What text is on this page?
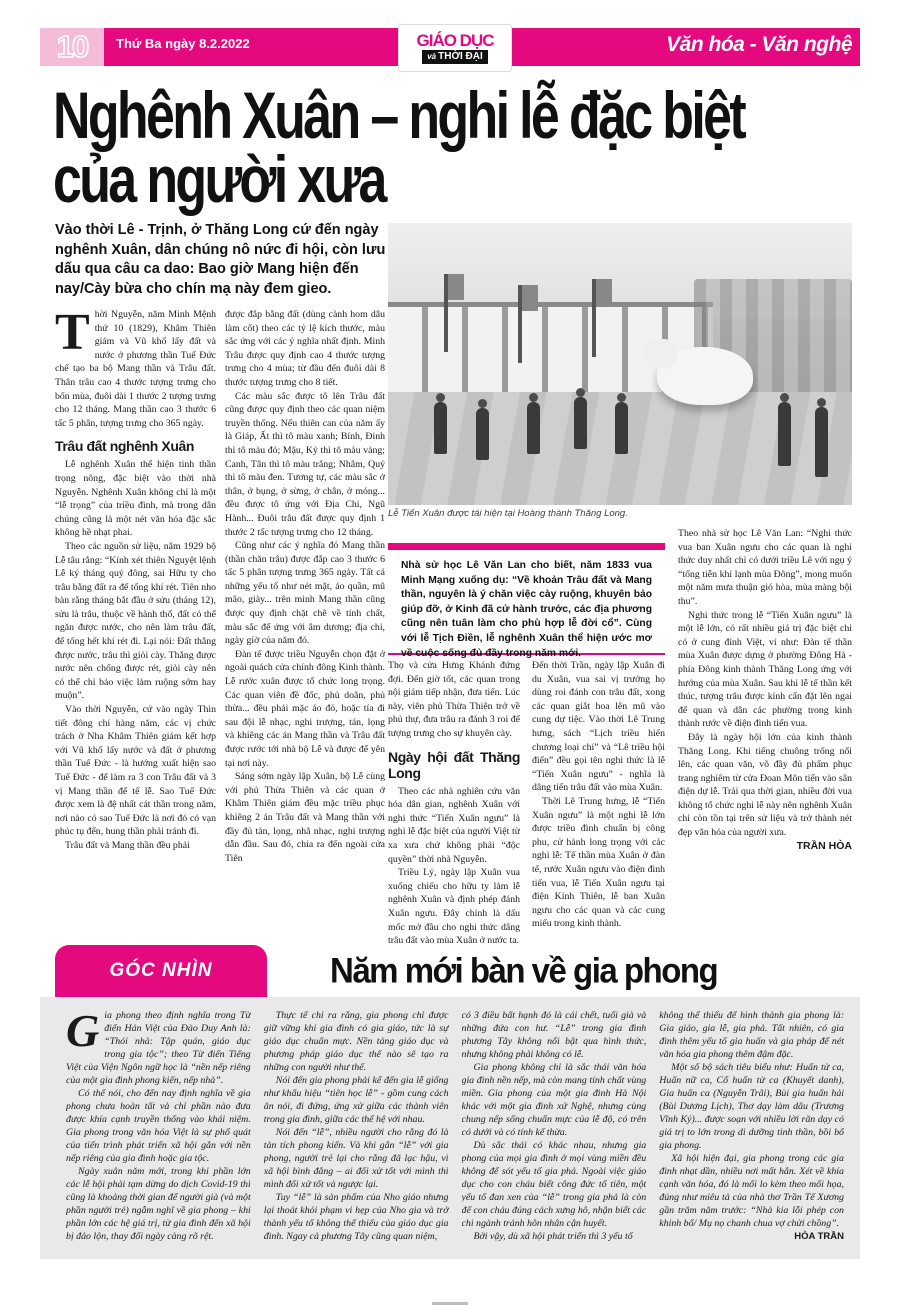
10 Thứ Ba ngày 8.2.2022	GIÁO DỤC
và THỜI ĐẠI
Văn hóa - Văn nghệ
Nghênh Xuân – nghi lễ đặc biệt
của người xưa
Vào thời Lê - Trịnh, ở Thăng Long cứ đến ngày nghênh Xuân, dân chúng nô nức đi hội, còn lưu dấu qua câu ca dao: Bao giờ Mang hiện đến nay/Cày bừa cho chín mạ này đem gieo.
Lễ Tiến Xuân được tái hiện tại Hoàng thành Thăng Long.
Nhà sử học Lê Văn Lan cho biết, năm 1833 vua Minh Mạng xuống dụ: “Về khoản Trâu đất và Mang thần, nguyên là ý chăn việc cày ruộng, khuyên bảo giúp đỡ, ở Kinh đã cử hành trước, các địa phương cũng nên tuân làm cho phù hợp lễ đời cổ”. Cùng với lễ Tịch Điền, lễ nghênh Xuân thể hiện ước mơ về cuộc sống đủ đầy trong năm mới.
T hời Nguyễn, năm Minh Mệnh thứ 10 (1829), Khâm Thiên giám và Vũ khố lấy đất và nước ở phương thần Tuế Đức chế tạo ba bộ Mang thần và Trâu đất. Thân trâu cao 4 thước tượng trưng cho bốn mùa, đuôi dài 1 thước 2 tượng trưng cho 12 tháng. Mang thần cao 3 thước 6 tấc 5 phân, tượng trưng cho 365 ngày.

Trâu đất nghênh Xuân

Lễ nghênh Xuân thể hiện tinh thần trọng nông, đặc biệt vào thời nhà Nguyễn. Nghênh Xuân không chỉ là một “lễ trọng” của triều đình, mà trong dân chúng cũng là một nét văn hóa đặc sắc không hề nhạt phai.

Theo các nguồn sử liệu, năm 1929 bộ Lễ tâu rằng: “Kính xét thiên Nguyệt lệnh Lễ ký tháng quý đông, sai Hữu ty cho trâu bằng đất ra để tống khí rét. Tiên nho bàn rằng tháng bắt đầu ở sửu (tháng 12), sửu là trâu, thuộc về hành thổ, đất có thể ngăn được nước, cho nên làm trâu đất, để tống hết khí rét đi. Lại nói: Đất thắng được nước, trâu thì giỏi cày. Thắng được nước nên chống được rét, giỏi cày nên có thể chỉ bảo việc làm ruộng sớm hay muộn”.

Vào thời Nguyễn, cứ vào ngày Thìn tiết đông chí hàng năm, các vị chức trách ở Nha Khâm Thiên giám kết hợp với Vũ khố lấy nước và đất ở phương thần Tuế Đức - là hướng xuất hiện sao Tuế Đức - để làm ra 3 con Trâu đất và 3 vị Mang thần để tế lễ. Sao Tuế Đức được xem là đệ nhất cát thần trong năm, nơi nào có sao Tuế Đức là nơi đó có vạn phúc tụ đến, hung thần phải tránh đi.

Trâu đất và Mang thần đều phải

được đắp bằng đất (dùng cành hom dâu làm cốt) theo các tỷ lệ kích thước, màu sắc ứng với các ý nghĩa nhất định. Mình Trâu được quy định cao 4 thước tượng trưng cho 4 mùa; từ đầu đến đuôi dài 8 thước tượng trưng cho 8 tiết.

Các màu sắc được tô lên Trâu đất cũng được quy định theo các quan niệm truyền thống. Nếu thiên can của năm ấy là Giáp, Ất thì tô màu xanh; Bính, Đinh thì tô màu đỏ; Mậu, Kỷ thì tô màu vàng; Canh, Tân thì tô màu trắng; Nhâm, Quý thì tô màu đen. Tương tự, các màu sắc ở thân, ở bụng, ở sừng, ở chân, ở móng... đều được tô ứng với Địa Chi, Ngũ Hành... Đuôi trâu đất được quy định 1 thước 2 tấc tượng trưng cho 12 tháng.

Cũng như các ý nghĩa đó Mang thần (thần chăn trâu) được đắp cao 3 thước 6 tấc 5 phân tượng trưng 365 ngày. Tất cả những yếu tố như nét mặt, áo quần, mũ mão, giày... trên mình Mang thần cũng được quy định chặt chẽ về tính chất, màu sắc để ứng với âm dương; địa chi, ngày giờ của năm đó.

Đàn tế được triều Nguyễn chọn đặt ở ngoài quách cửa chính đông Kinh thành. Lễ rước xuân được tổ chức long trọng. Các quan viên đề đốc, phủ doãn, phủ thừa... đều phải mặc áo đỏ, hoặc tía đi sau đội lễ nhạc, nghi trượng, tán, lọng và khiêng các án Mang thần và Trâu đất được rước tới nhà bộ Lễ và được để yên tại nơi này.

Sáng sớm ngày lập Xuân, bộ Lễ cùng với phủ Thừa Thiên và các quan ở Khâm Thiên giám đều mặc triều phục khiêng 2 án Trâu đất và Mang thần với đầy đủ tàn, lọng, nhã nhạc, nghi trượng dẫn đầu. Sau đó, chia ra đến ngoài cửa Tiên

Thọ và cửa Hưng Khánh đứng đợi. Đến giờ tốt, các quan trong nội giám tiếp nhận, đưa tiến. Lúc này, viên phủ Thừa Thiên trở về phủ thự, đưa trâu ra đánh 3 roi để tượng trưng cho sự khuyên cày.

Ngày hội đất Thăng Long

Theo các nhà nghiên cứu văn hóa dân gian, nghênh Xuân với nghi thức “Tiến Xuân ngưu” là nghi lễ đặc biệt của người Việt từ xa xưa chứ không phải “độc quyền” thời nhà Nguyễn.

Triều Lý, ngày lập Xuân vua xuống chiếu cho hữu ty làm lễ nghênh Xuân và định phép đánh Xuân ngưu. Đây chính là dấu mốc mở đầu cho nghi thức dâng trâu đất vào mùa Xuân ở nước ta.

Đến thời Trần, ngày lập Xuân đi du Xuân, vua sai vị trưởng họ dùng roi đánh con trâu đất, xong các quan giắt hoa lên mũ vào cung dự tiệc. Vào thời Lê Trung hưng, sách “Lịch triều hiến chương loại chí” và “Lê triều hội điển” đều gọi tên nghi thức là lễ “Tiến Xuân ngưu” - nghĩa là dâng tiến trâu đất vào mùa Xuân.

Thời Lê Trung hưng, lễ “Tiến Xuân ngưu” là một nghi lễ lớn được triều đình chuẩn bị công phu, cử hành long trọng với các nghi lễ: Tế thần mùa Xuân ở đàn tế, rước Xuân ngưu vào điện đình tiến vua, lễ Tiến Xuân ngưu tại điện Kính Thiên, lễ ban Xuân ngưu cho các quan và các cung miếu trong kinh thành.

Theo nhà sử học Lê Văn Lan: “Nghi thức vua ban Xuân ngưu cho các quan là nghi thức duy nhất chỉ có dưới triều Lê với ngụ ý “tống tiễn khí lạnh mùa Đông”, mong muốn một năm mưa thuận gió hòa, mùa màng bội thu”.

Nghi thức trong lễ “Tiến Xuân ngưu” là một lễ lớn, có rất nhiều giá trị đặc biệt chỉ có ở cung đình Việt, ví như: Đàn tế thần mùa Xuân được dựng ở phường Đông Hà - phía Đông kinh thành Thăng Long ứng với hướng của mùa Xuân. Sau khi lễ tế thần kết thúc, tượng trâu được kính cẩn đặt lên ngai để quan và dân các phường trong kinh thành rước về điện đình tiến vua.

Đây là ngày hội lớn của kinh thành Thăng Long. Khi tiếng chuông trống nổi lên, các quan văn, võ đầy đủ phẩm phục trang nghiêm từ cửa Đoan Môn tiến vào sân điện dự lễ. Trải qua thời gian, nhiều đời vua không tổ chức nghi lễ này nên nghênh Xuân chỉ còn tồn tại trên sử liệu và trở thành nét đẹp văn hóa của người xưa.

TRẦN HÒA

GÓC NHÌN	Năm mới bàn về gia phong
G ia phong theo định nghĩa trong Từ điển Hán Việt của Đào Duy Anh là: “Thói nhà: Tập quán, giáo dục trong gia tộc”; theo Từ điển Tiếng Việt của Viện Ngôn ngữ học là “nền nếp riêng của một gia đình phong kiến, nếp nhà”.

Có thể nói, cho đến nay định nghĩa về gia phong chưa hoàn tất và chỉ phần nào đưa được khía cạnh truyền thống vào khái niệm. Gia phong trong văn hóa Việt là sự phổ quát của tiến trình phát triển xã hội gắn với nền nếp riêng của gia đình hoặc gia tộc.

Ngày xuân năm mới, trong khi phần lớn các lễ hội phải tạm dừng do dịch Covid-19 thì cũng là khoảng thời gian để người già (và một phần người trẻ) ngẫm nghĩ về gia phong – khi phần lớn các hệ giá trị, từ gia đình đến xã hội bị đảo lộn, thay đổi ngày càng rõ rệt.

Thực tế chỉ ra rằng, gia phong chỉ được giữ vững khi gia đình có gia giáo, tức là sự giáo dục chuẩn mực. Nền tảng giáo dục và phương pháp giáo dục thế nào sẽ tạo ra những con người như thế.

Nói đến gia phong phải kể đến gia lễ giống như khẩu hiệu “tiên học lễ” - gồm cung cách ăn nói, đi đứng, ứng xử giữa các thành viên trong gia đình, giữa các thế hệ với nhau.

Nói đến “lễ”, nhiều người cho rằng đó là tàn tích phong kiến. Và khi gắn “lễ” với gia phong, người trẻ lại cho rằng đã lạc hậu, vì xã hội bình đẳng – ai đối xử tốt với mình thì mình đối xử tốt và ngược lại.

Tuy “lễ” là sản phẩm của Nho giáo nhưng lại thoát khỏi phạm vi hẹp của Nho gia và trở thành yếu tố không thể thiếu của giáo dục gia đình. Ngay cả phương Tây cũng quan niệm,

có 3 điều bất hạnh đó là cái chết, tuổi già và những đứa con hư. “Lễ” trong gia đình phương Tây không nổi bật qua hình thức, nhưng không phải không có lễ.

Gia phong không chỉ là sắc thái văn hóa gia đình nền nếp, mà còn mang tính chất vùng miền. Gia phong của một gia đình Hà Nội khác với một gia đình xứ Nghệ, nhưng cùng chung nếp sống chuẩn mực của lễ độ, có trên có dưới và có tính kế thừa.

Dù sắc thái có khác nhau, nhưng gia phong của mọi gia đình ở mọi vùng miền đều không để sót yếu tố gia phả. Ngoài việc giáo dục cho con cháu biết công đức tổ tiên, một yếu tố đan xen của “lễ” trong gia phả là còn để con cháu đúng cách xưng hô, nhận biết các chi ngành tránh hôn nhân cận huyết.

Bởi vậy, dù xã hội phát triển thì 3 yếu tố

không thể thiếu để hình thành gia phong là: Gia giáo, gia lễ, gia phả. Tất nhiên, có gia đình thêm yếu tố gia huấn và gia pháp để nét văn hóa gia phong thêm đậm đặc.

Một số bộ sách tiêu biểu như: Huấn tử ca, Huấn nữ ca, Cổ huấn tử ca (Khuyết danh), Gia huấn ca (Nguyễn Trãi), Bùi gia huấn hải (Bùi Dương Lịch), Thơ dạy làm dâu (Trương Vĩnh Ký)... được soạn với nhiều lời răn dạy có giá trị to lớn trong di dưỡng tinh thần, bồi bổ gia phong.

Xã hội hiện đại, gia phong trong các gia đình nhạt dần, nhiều nơi mất hẳn. Xét về khía cạnh văn hóa, đó là mối lo kèm theo mối họa, đúng như miêu tả của nhà thơ Trần Tế Xương gần trăm năm trước: “Nhà kia lỗi phép con khinh bố/ Mụ nọ chanh chua vợ chửi chồng”.

HÒA TRẦN
